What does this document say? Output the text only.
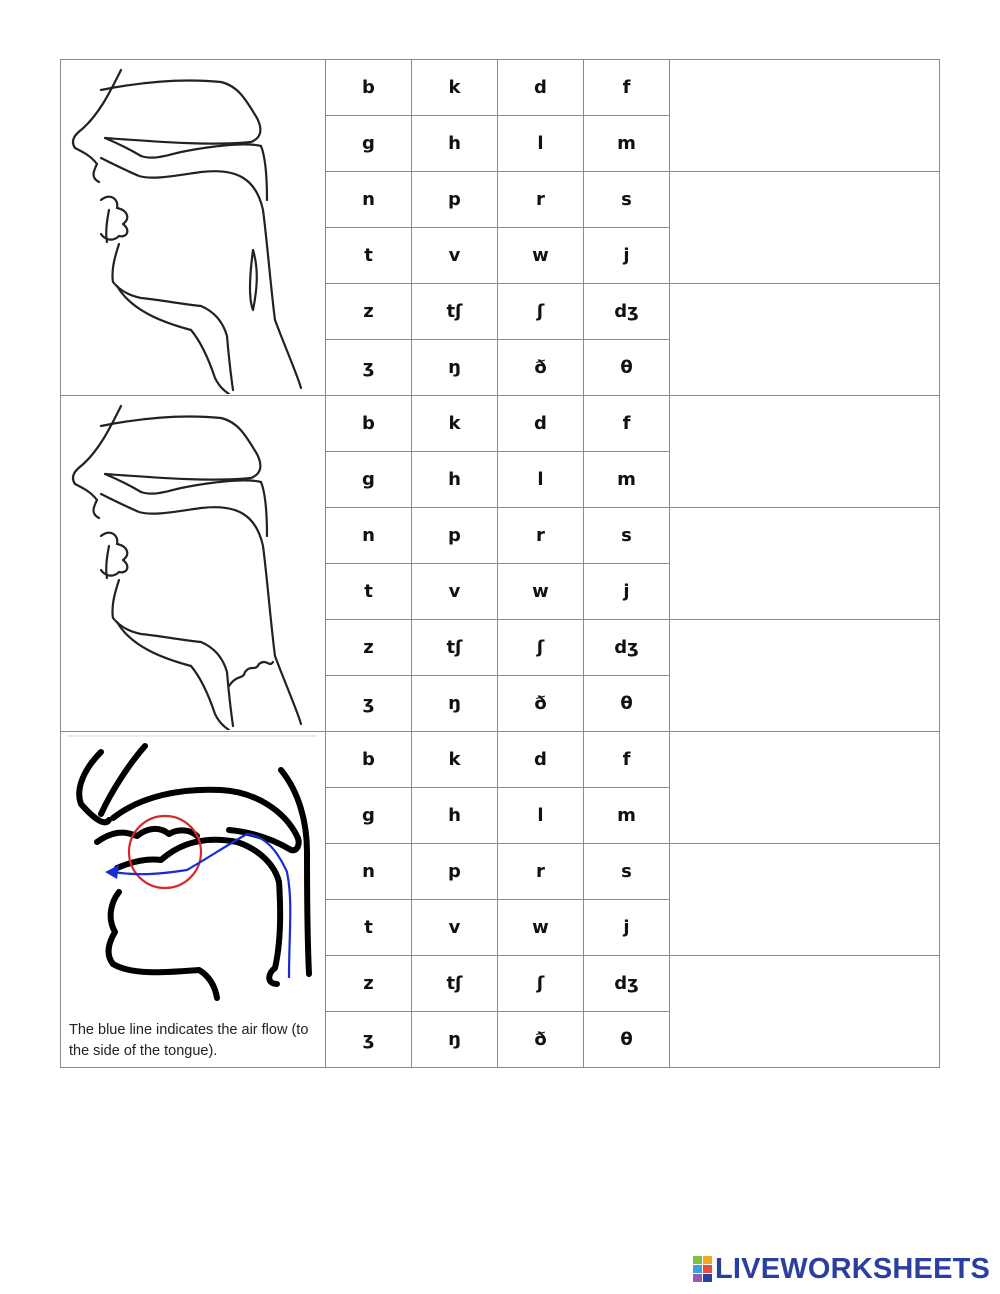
	b	k	d	f	
	g	h	l	m	
	n	p	r	s	
	t	v	w	j	
	z	tʃ	ʃ	dʒ	
	ʒ	ŋ	ð	θ	

	b	k	d	f	
	g	h	l	m	
	n	p	r	s	
	t	v	w	j	
	z	tʃ	ʃ	dʒ	
	ʒ	ŋ	ð	θ	

The blue line indicates the air flow (to the side of the tongue).	b	k	d	f	
	g	h	l	m	
	n	p	r	s	
	t	v	w	j	
	z	tʃ	ʃ	dʒ	
	ʒ	ŋ	ð	θ	
LIVEWORKSHEETS
